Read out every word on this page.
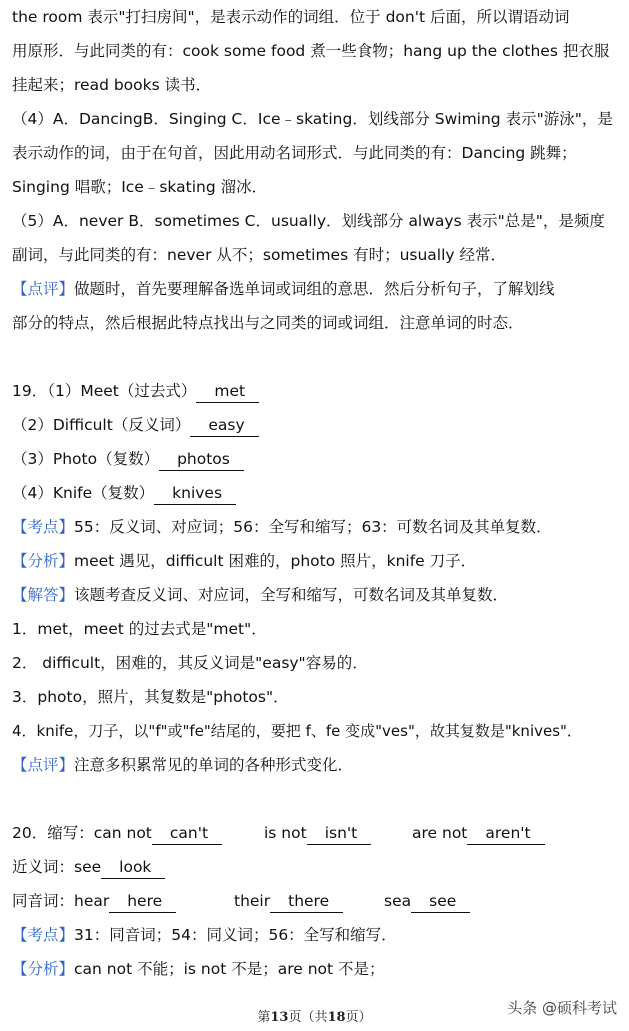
the room 表示"打扫房间"，是表示动作的词组．位于 don't 后面，所以谓语动词
用原形．与此同类的有：cook some food 煮一些食物；hang up the clothes 把衣服
挂起来；read books 读书．
（4）A．DancingB．Singing C．Ice﹣skating．划线部分 Swiming 表示"游泳"，是
表示动作的词，由于在句首，因此用动名词形式．与此同类的有：Dancing 跳舞；
Singing 唱歌；Ice﹣skating 溜冰．
（5）A．never B．sometimes C．usually．划线部分 always 表示"总是"，是频度
副词，与此同类的有：never 从不；sometimes 有时；usually 经常．
【点评】做题时，首先要理解备选单词或词组的意思．然后分析句子，了解划线
部分的特点，然后根据此特点找出与之同类的词或词组．注意单词的时态．
19．（1）Meet（过去式） met
（2）Difficult（反义词） easy
（3）Photo（复数） photos
（4）Knife（复数） knives
【考点】55：反义词、对应词；56：全写和缩写；63：可数名词及其单复数．
【分析】meet 遇见，difficult 困难的，photo 照片，knife 刀子．
【解答】该题考查反义词、对应词，全写和缩写，可数名词及其单复数．
1．met，meet 的过去式是"met"．
2． difficult，困难的，其反义词是"easy"容易的．
3．photo，照片，其复数是"photos"．
4．knife，刀子，以"f"或"fe"结尾的，要把 f、fe 变成"ves"，故其复数是"knives"．
【点评】注意多积累常见的单词的各种形式变化．
20．缩写：can not can't	is not isn't	are not aren't
近义词：see look
同音词：hear here	their there	sea see
【考点】31：同音词；54：同义词；56：全写和缩写．
【分析】can not 不能；is not 不是；are not 不是；
第13页（共18页）
头条 @硕科考试
